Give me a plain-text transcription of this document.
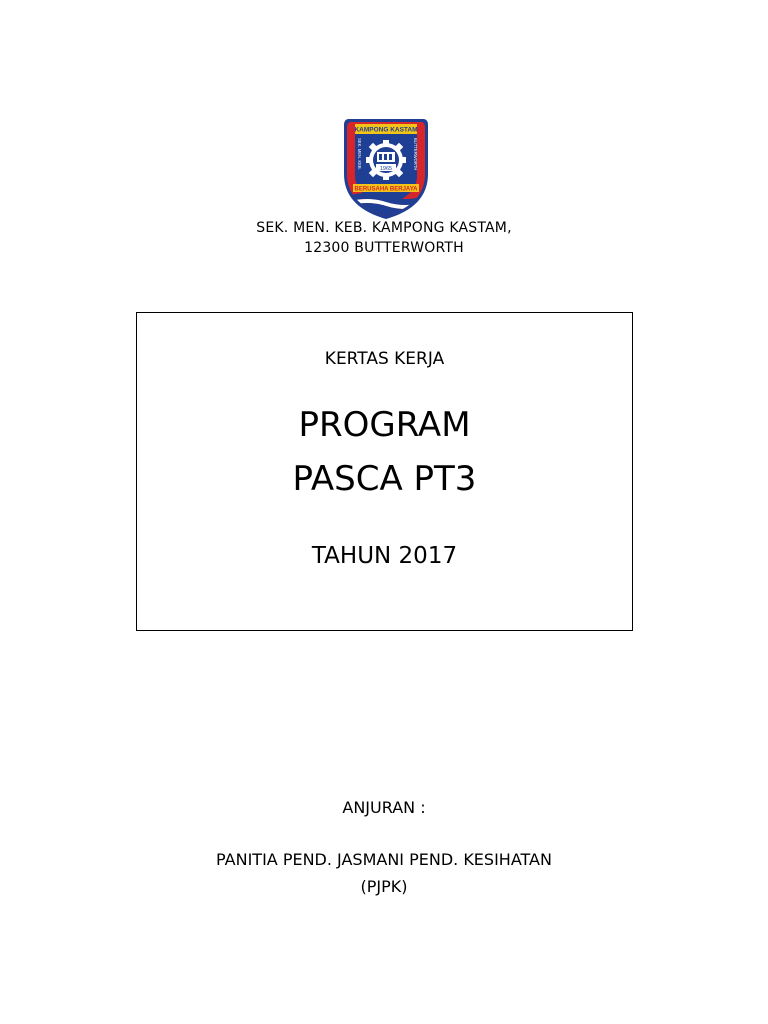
KAMPONG KASTAM
SEK. MEN. KEB.	BUTTERWORTH
1965
BERUSAHA BERJAYA
SEK. MEN. KEB. KAMPONG KASTAM,
12300 BUTTERWORTH
KERTAS KERJA
PROGRAM
PASCA PT3
TAHUN 2017
ANJURAN :
PANITIA PEND. JASMANI PEND. KESIHATAN
(PJPK)
